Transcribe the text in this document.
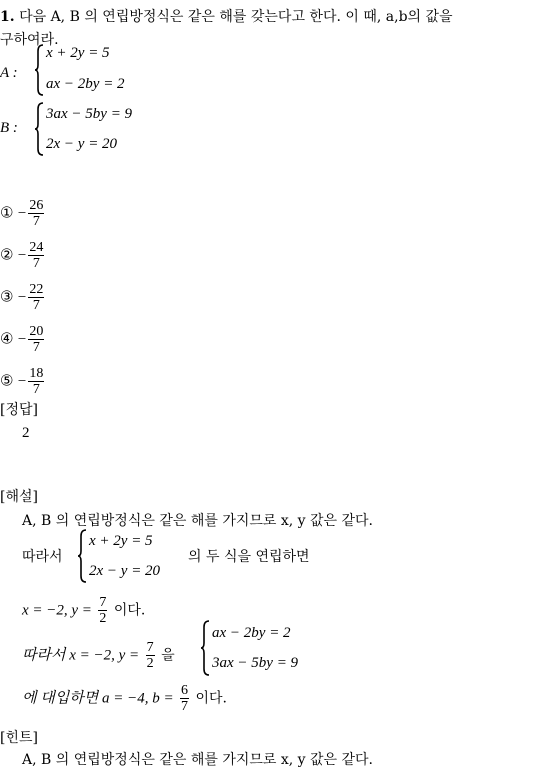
1. 다음 A, B 의 연립방정식은 같은 해를 갖는다고 한다. 이 때, a,b의 값을
구하여라.
A :
x + 2y = 5
ax − 2by = 2
B :
3ax − 5by = 9
2x − y = 20
① − $\frac{26}{7}$
② − $\frac{24}{7}$
③ − $\frac{22}{7}$
④ − $\frac{20}{7}$
⑤ − $\frac{18}{7}$
[정답]
2
[해설]
A, B 의 연립방정식은 같은 해를 가지므로 x, y 값은 같다.
따라서
x + 2y = 5
2x − y = 20
의 두 식을 연립하면
x = −2, $y = \frac{7}{2}$ 이다.
따라서 x = −2, $y = \frac{7}{2}$ 을
ax − 2by = 2
3ax − 5by = 9
에 대입하면 a = −4, $b = \frac{6}{7}$ 이다.
[힌트]
A, B 의 연립방정식은 같은 해를 가지므로 x, y 값은 같다.
